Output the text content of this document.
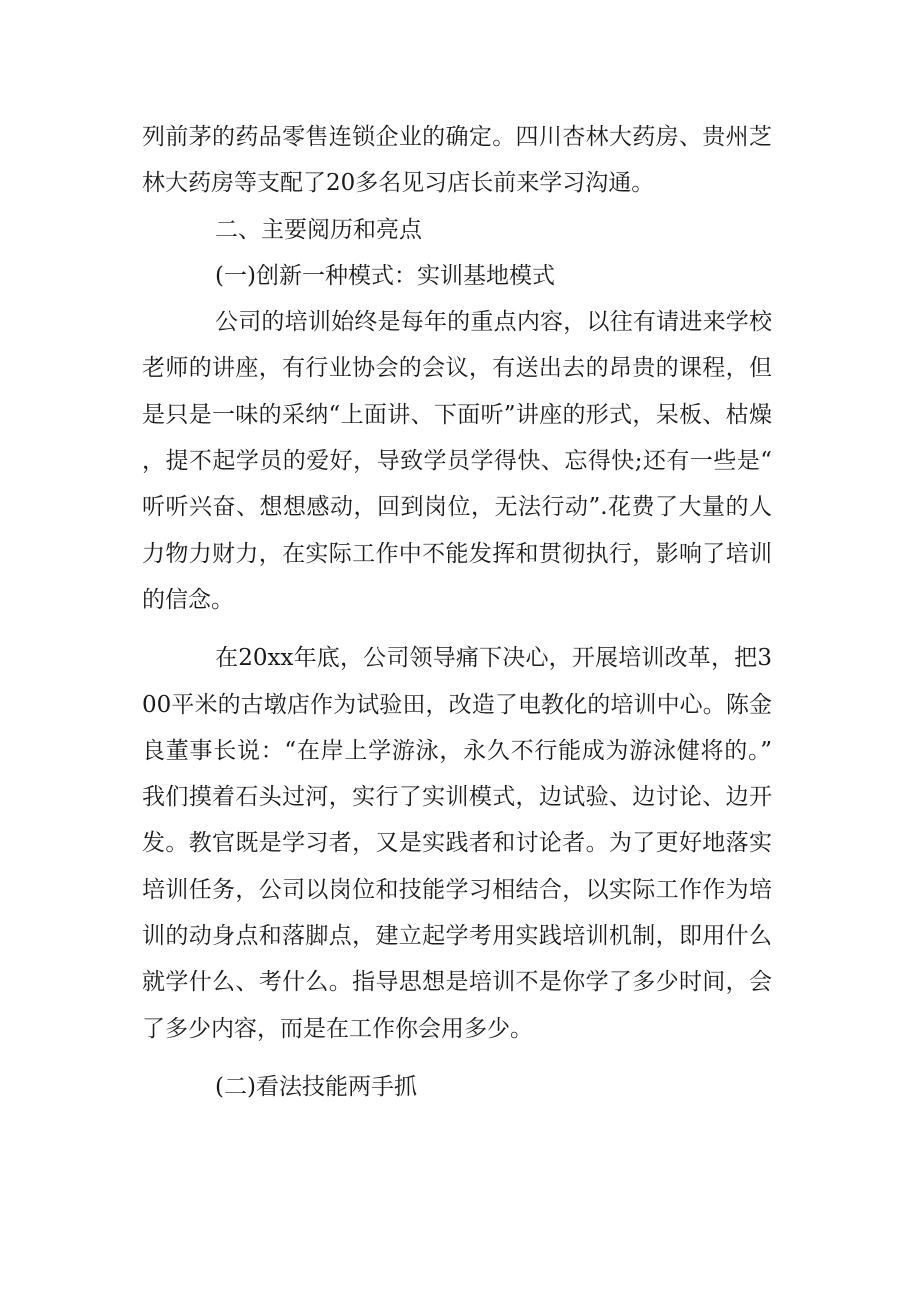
列前茅的药品零售连锁企业的确定。四川杏林大药房、贵州芝林大药房等支配了20多名见习店长前来学习沟通。

二、主要阅历和亮点

(一)创新一种模式：实训基地模式

公司的培训始终是每年的重点内容，以往有请进来学校老师的讲座，有行业协会的会议，有送出去的昂贵的课程，但是只是一味的采纳“上面讲、下面听”讲座的形式，呆板、枯燥，提不起学员的爱好，导致学员学得快、忘得快;还有一些是“听听兴奋、想想感动，回到岗位，无法行动”.花费了大量的人力物力财力，在实际工作中不能发挥和贯彻执行，影响了培训的信念。

在20xx年底，公司领导痛下决心，开展培训改革，把300平米的古墩店作为试验田，改造了电教化的培训中心。陈金良董事长说：“在岸上学游泳，永久不行能成为游泳健将的。”我们摸着石头过河，实行了实训模式，边试验、边讨论、边开发。教官既是学习者，又是实践者和讨论者。为了更好地落实培训任务，公司以岗位和技能学习相结合，以实际工作作为培训的动身点和落脚点，建立起学考用实践培训机制，即用什么就学什么、考什么。指导思想是培训不是你学了多少时间，会了多少内容，而是在工作你会用多少。

(二)看法技能两手抓
